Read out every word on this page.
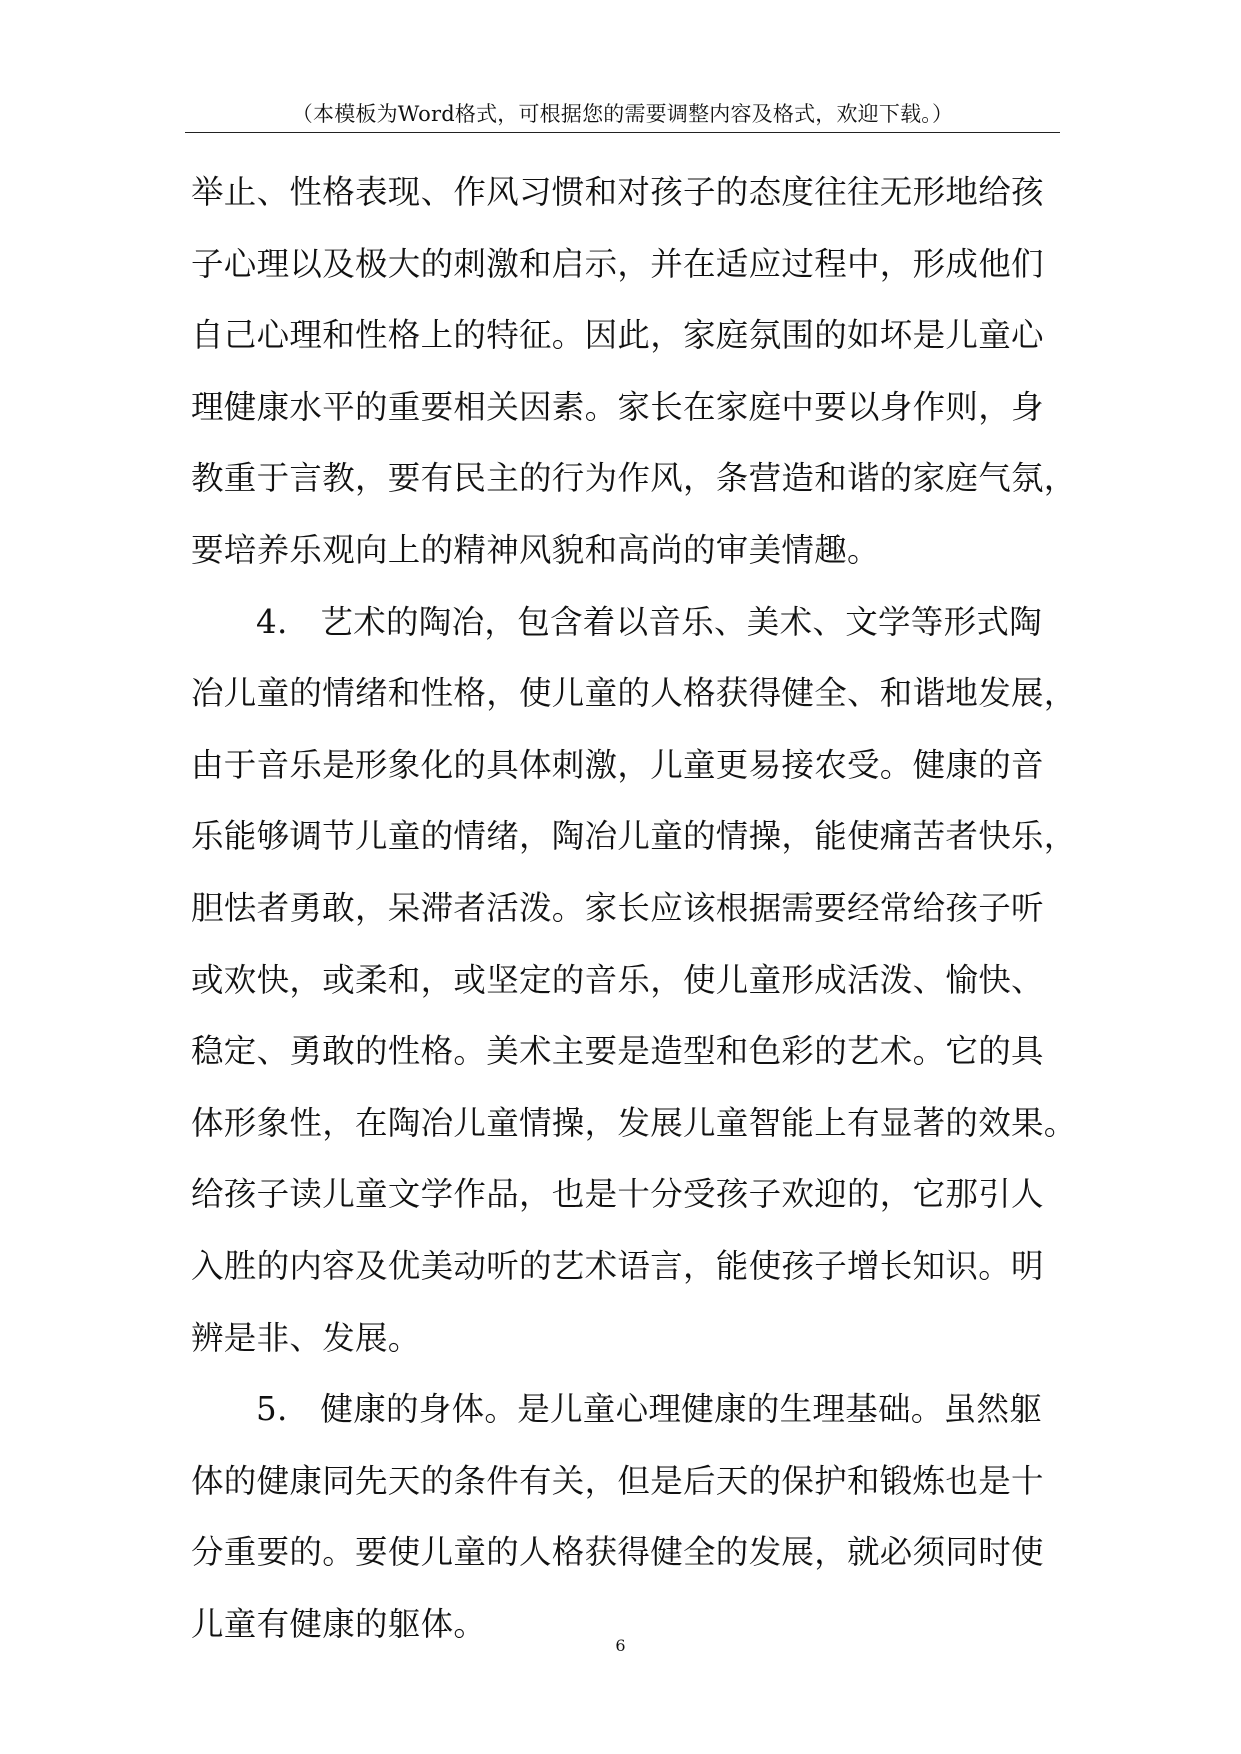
（本模板为Word格式，可根据您的需要调整内容及格式，欢迎下载。）
举止、性格表现、作风习惯和对孩子的态度往往无形地给孩
子心理以及极大的刺激和启示，并在适应过程中，形成他们
自己心理和性格上的特征。因此，家庭氛围的如坏是儿童心
理健康水平的重要相关因素。家长在家庭中要以身作则，身
教重于言教，要有民主的行为作风，条营造和谐的家庭气氛，
要培养乐观向上的精神风貌和高尚的审美情趣。
4.　艺术的陶冶，包含着以音乐、美术、文学等形式陶
冶儿童的情绪和性格，使儿童的人格获得健全、和谐地发展，
由于音乐是形象化的具体刺激，儿童更易接农受。健康的音
乐能够调节儿童的情绪，陶冶儿童的情操，能使痛苦者快乐，
胆怯者勇敢，呆滞者活泼。家长应该根据需要经常给孩子听
或欢快，或柔和，或坚定的音乐，使儿童形成活泼、愉快、
稳定、勇敢的性格。美术主要是造型和色彩的艺术。它的具
体形象性，在陶冶儿童情操，发展儿童智能上有显著的效果。
给孩子读儿童文学作品，也是十分受孩子欢迎的，它那引人
入胜的内容及优美动听的艺术语言，能使孩子增长知识。明
辨是非、发展。
5.　健康的身体。是儿童心理健康的生理基础。虽然躯
体的健康同先天的条件有关，但是后天的保护和锻炼也是十
分重要的。要使儿童的人格获得健全的发展，就必须同时使
儿童有健康的躯体。
6
